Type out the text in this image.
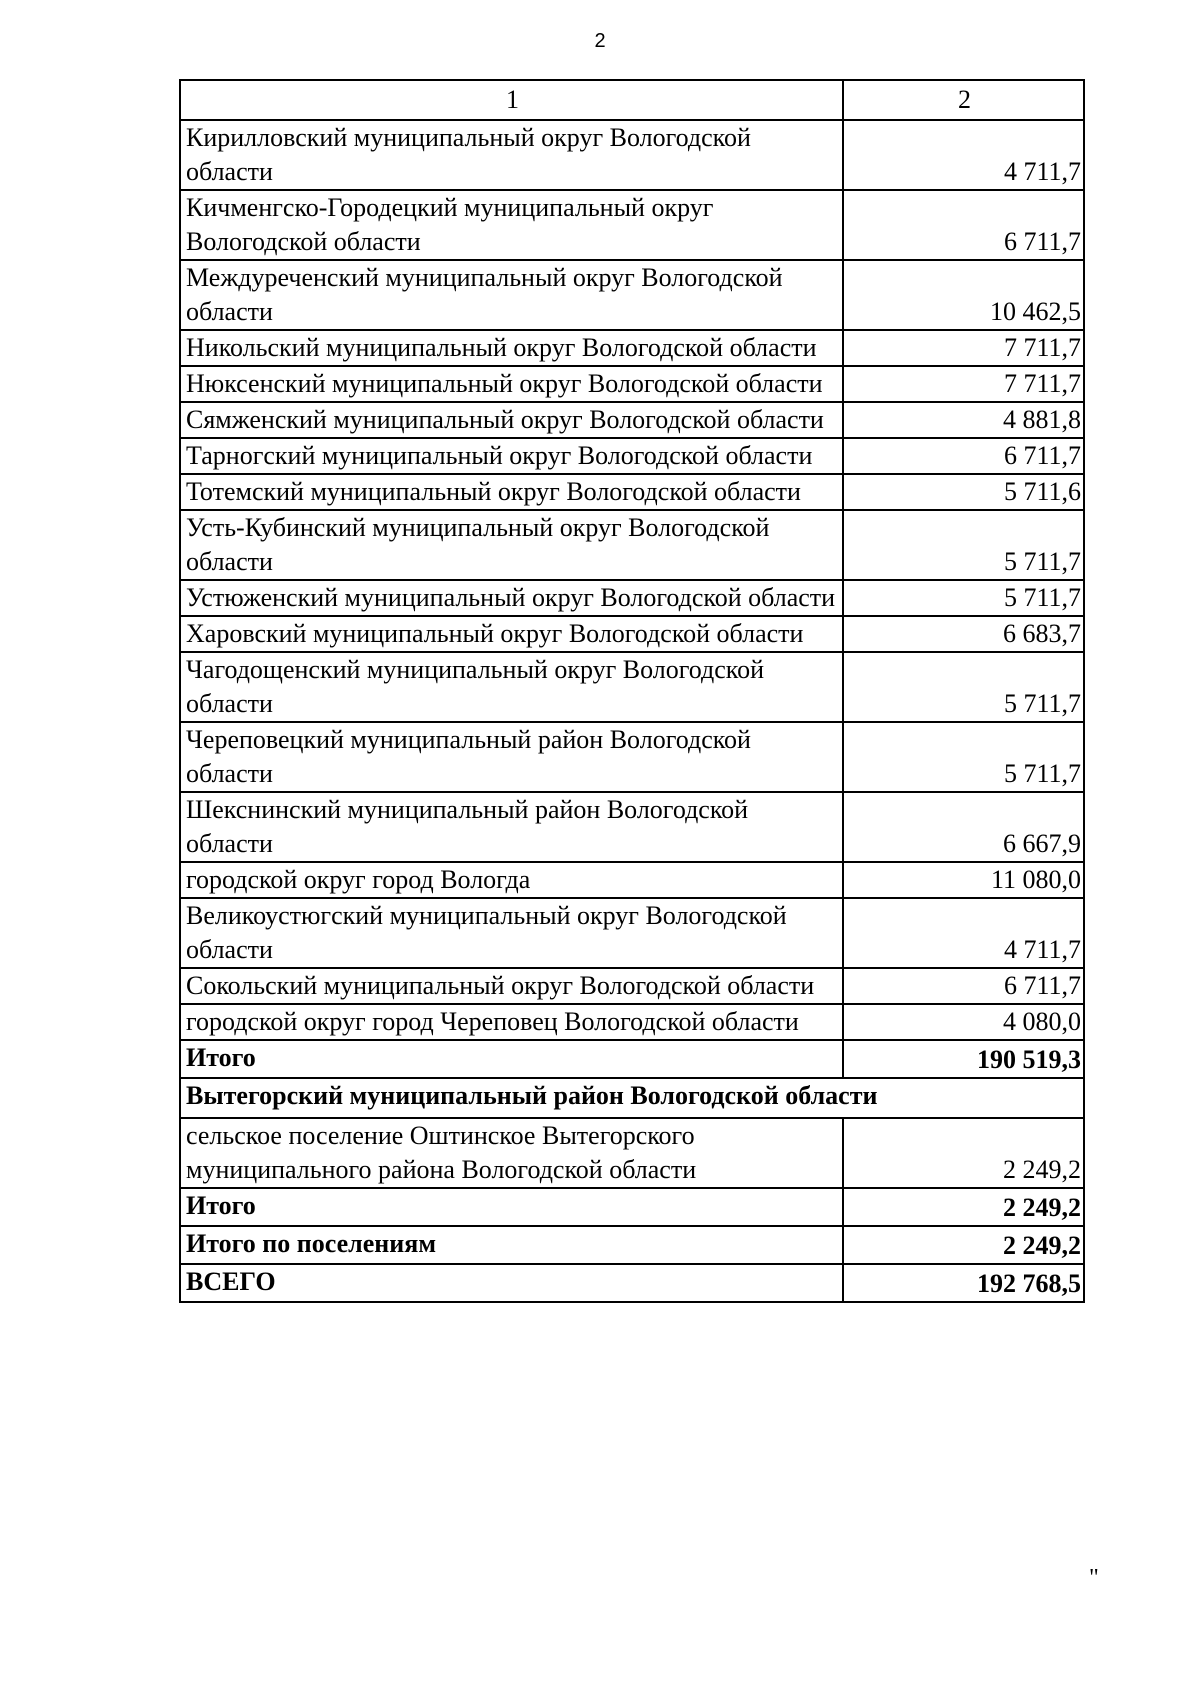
2
1	2
Кирилловский муниципальный округ Вологодской области	4 711,7
Кичменгско-Городецкий муниципальный округ Вологодской области	6 711,7
Междуреченский муниципальный округ Вологодской области	10 462,5
Никольский муниципальный округ Вологодской области	7 711,7
Нюксенский муниципальный округ Вологодской области	7 711,7
Сямженский муниципальный округ Вологодской области	4 881,8
Тарногский муниципальный округ Вологодской области	6 711,7
Тотемский муниципальный округ Вологодской области	5 711,6
Усть-Кубинский муниципальный округ Вологодской области	5 711,7
Устюженский муниципальный округ Вологодской области	5 711,7
Харовский муниципальный округ Вологодской области	6 683,7
Чагодощенский муниципальный округ Вологодской области	5 711,7
Череповецкий муниципальный район Вологодской области	5 711,7
Шекснинский муниципальный район Вологодской области	6 667,9
городской округ город Вологда	11 080,0
Великоустюгский муниципальный округ Вологодской области	4 711,7
Сокольский муниципальный округ Вологодской области	6 711,7
городской округ город Череповец Вологодской области	4 080,0
Итого	190 519,3
Вытегорский муниципальный район Вологодской области	
сельское поселение Оштинское Вытегорского муниципального района Вологодской области	2 249,2
Итого	2 249,2
Итого по поселениям	2 249,2
ВСЕГО	192 768,5
"
